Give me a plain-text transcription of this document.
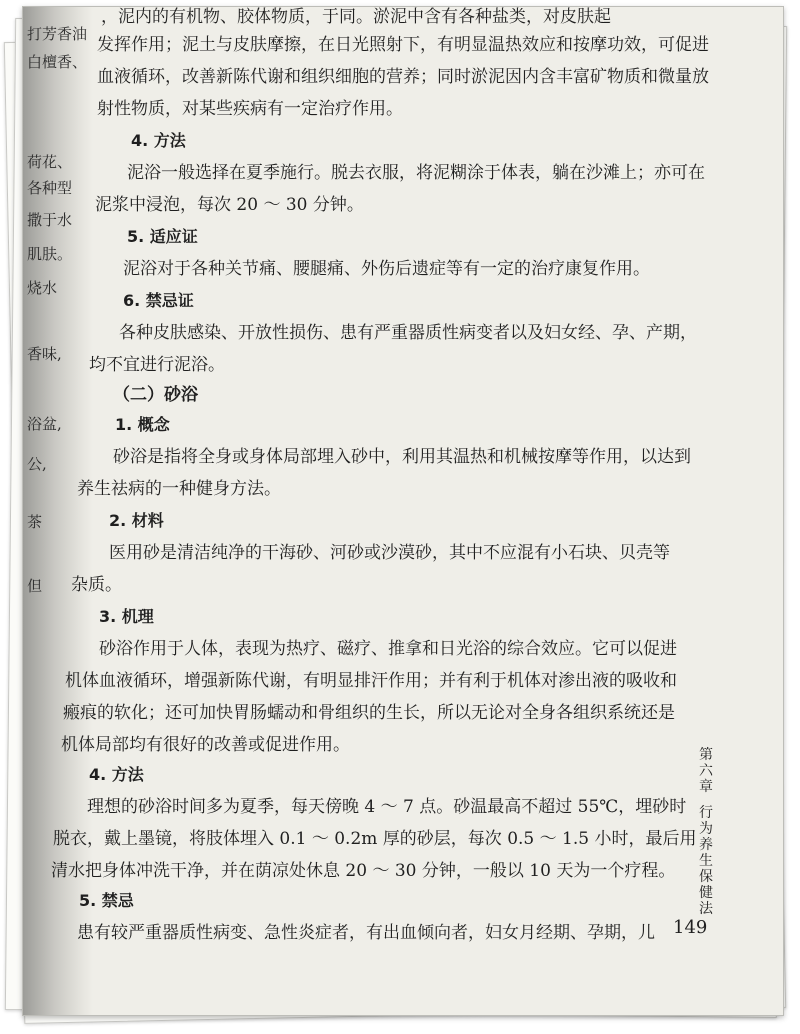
打芳香油
白檀香、
荷花、
各种型
撒于水
肌肤。
烧水
香味,
浴盆,
公,
茶
但
，泥内的有机物、胶体物质，于同。淤泥中含有各种盐类，对皮肤起
发挥作用；泥土与皮肤摩擦，在日光照射下，有明显温热效应和按摩功效，可促进
血液循环，改善新陈代谢和组织细胞的营养；同时淤泥因内含丰富矿物质和微量放
射性物质，对某些疾病有一定治疗作用。
4. 方法
泥浴一般选择在夏季施行。脱去衣服，将泥糊涂于体表，躺在沙滩上；亦可在
泥浆中浸泡，每次 20 ～ 30 分钟。
5. 适应证
泥浴对于各种关节痛、腰腿痛、外伤后遗症等有一定的治疗康复作用。
6. 禁忌证
各种皮肤感染、开放性损伤、患有严重器质性病变者以及妇女经、孕、产期，
均不宜进行泥浴。
（二）砂浴
1. 概念
砂浴是指将全身或身体局部埋入砂中，利用其温热和机械按摩等作用，以达到
养生祛病的一种健身方法。
2. 材料
医用砂是清洁纯净的干海砂、河砂或沙漠砂，其中不应混有小石块、贝壳等
杂质。
3. 机理
砂浴作用于人体，表现为热疗、磁疗、推拿和日光浴的综合效应。它可以促进
机体血液循环，增强新陈代谢，有明显排汗作用；并有利于机体对渗出液的吸收和
瘢痕的软化；还可加快胃肠蠕动和骨组织的生长，所以无论对全身各组织系统还是
机体局部均有很好的改善或促进作用。
4. 方法
理想的砂浴时间多为夏季，每天傍晚 4 ～ 7 点。砂温最高不超过 55℃，埋砂时
脱衣，戴上墨镜，将肢体埋入 0.1 ～ 0.2m 厚的砂层，每次 0.5 ～ 1.5 小时，最后用
清水把身体冲洗干净，并在荫凉处休息 20 ～ 30 分钟，一般以 10 天为一个疗程。
5. 禁忌
患有较严重器质性病变、急性炎症者，有出血倾向者，妇女月经期、孕期，儿
第
六
章
行
为
养
生
保
健
法
149
